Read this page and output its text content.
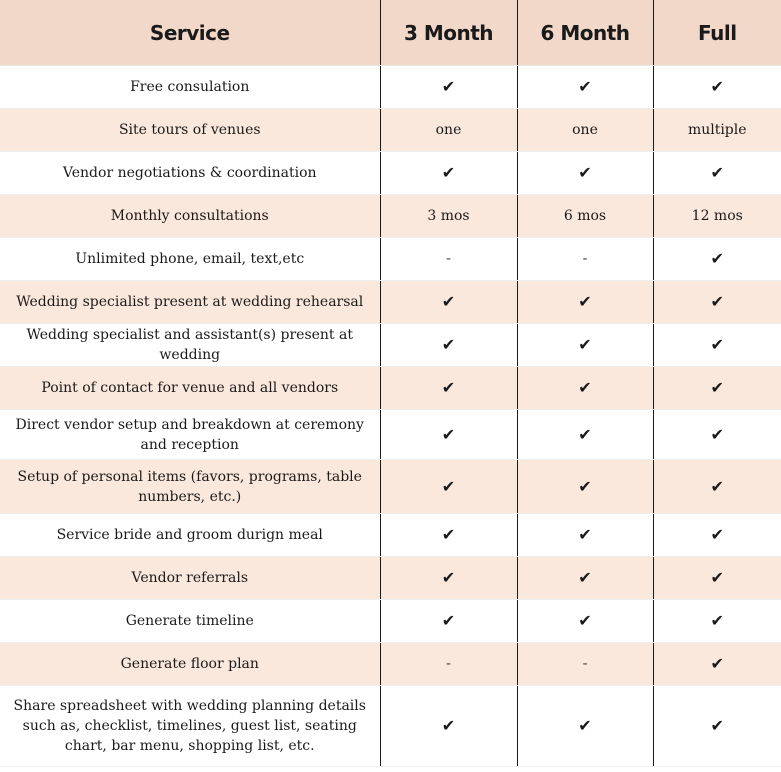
Service	3 Month	6 Month	Full
Free consulation	✔	✔	✔
Site tours of venues	one	one	multiple
Vendor negotiations & coordination	✔	✔	✔
Monthly consultations	3 mos	6 mos	12 mos
Unlimited phone, email, text,etc	-	-	✔
Wedding specialist present at wedding rehearsal	✔	✔	✔
Wedding specialist and assistant(s) present at wedding	✔	✔	✔
Point of contact for venue and all vendors	✔	✔	✔
Direct vendor setup and breakdown at ceremony and reception	✔	✔	✔
Setup of personal items (favors, programs, table numbers, etc.)	✔	✔	✔
Service bride and groom durign meal	✔	✔	✔
Vendor referrals	✔	✔	✔
Generate timeline	✔	✔	✔
Generate floor plan	-	-	✔
Share spreadsheet with wedding planning details such as, checklist, timelines, guest list, seating chart, bar menu, shopping list, etc.	✔	✔	✔
